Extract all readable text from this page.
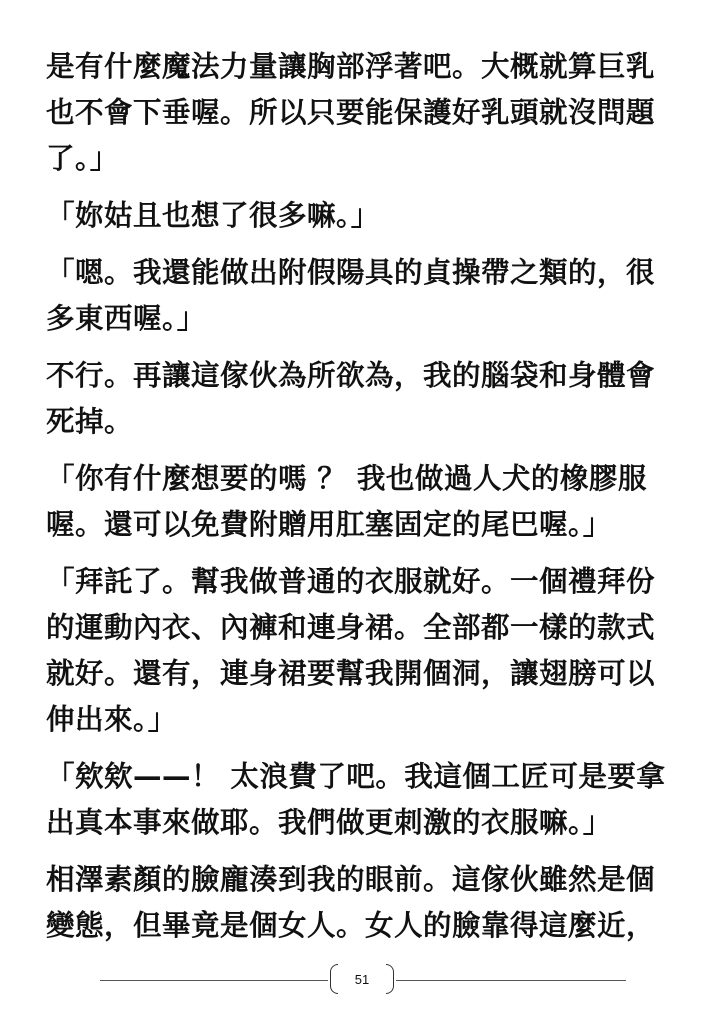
是有什麼魔法力量讓胸部浮著吧。大概就算巨乳
也不會下垂喔。所以只要能保護好乳頭就沒問題
了。」

「妳姑且也想了很多嘛。」

「嗯。我還能做出附假陽具的貞操帶之類的，很
多東西喔。」

不行。再讓這傢伙為所欲為，我的腦袋和身體會
死掉。

「你有什麼想要的嗎 ？ 我也做過人犬的橡膠服
喔。還可以免費附贈用肛塞固定的尾巴喔。」

「拜託了。幫我做普通的衣服就好。一個禮拜份
的運動內衣、內褲和連身裙。全部都一樣的款式
就好。還有，連身裙要幫我開個洞，讓翅膀可以
伸出來。」

「欸欸——！ 太浪費了吧。我這個工匠可是要拿
出真本事來做耶。我們做更刺激的衣服嘛。」

相澤素顏的臉龐湊到我的眼前。這傢伙雖然是個
變態，但畢竟是個女人。女人的臉靠得這麼近，

51
